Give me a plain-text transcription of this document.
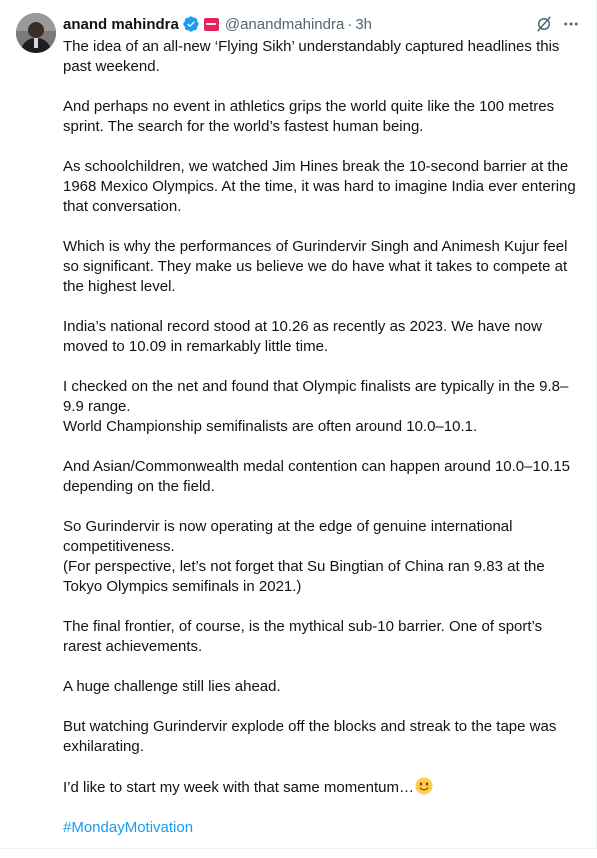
anand mahindra	@anandmahindra · 3h

The idea of an all-new ‘Flying Sikh’ understandably captured headlines this past weekend.

And perhaps no event in athletics grips the world quite like the 100 metres sprint. The search for the world’s fastest human being.

As schoolchildren, we watched Jim Hines break the 10-second barrier at the 1968 Mexico Olympics. At the time, it was hard to imagine India ever entering that conversation.

Which is why the performances of Gurindervir Singh and Animesh Kujur feel so significant. They make us believe we do have what it takes to compete at the highest level.

India’s national record stood at 10.26 as recently as 2023. We have now moved to 10.09 in remarkably little time.

I checked on the net and found that Olympic finalists are typically in the 9.8–9.9 range.

World Championship semifinalists are often around 10.0–10.1.

And Asian/Commonwealth medal contention can happen around 10.0–10.15 depending on the field.

So Gurindervir is now operating at the edge of genuine international competitiveness.

(For perspective, let’s not forget that Su Bingtian of China ran 9.83 at the Tokyo Olympics semifinals in 2021.)

The final frontier, of course, is the mythical sub-10 barrier. One of sport’s rarest achievements.

A huge challenge still lies ahead.

But watching Gurindervir explode off the blocks and streak to the tape was exhilarating.

I’d like to start my week with that same momentum…

#MondayMotivation
